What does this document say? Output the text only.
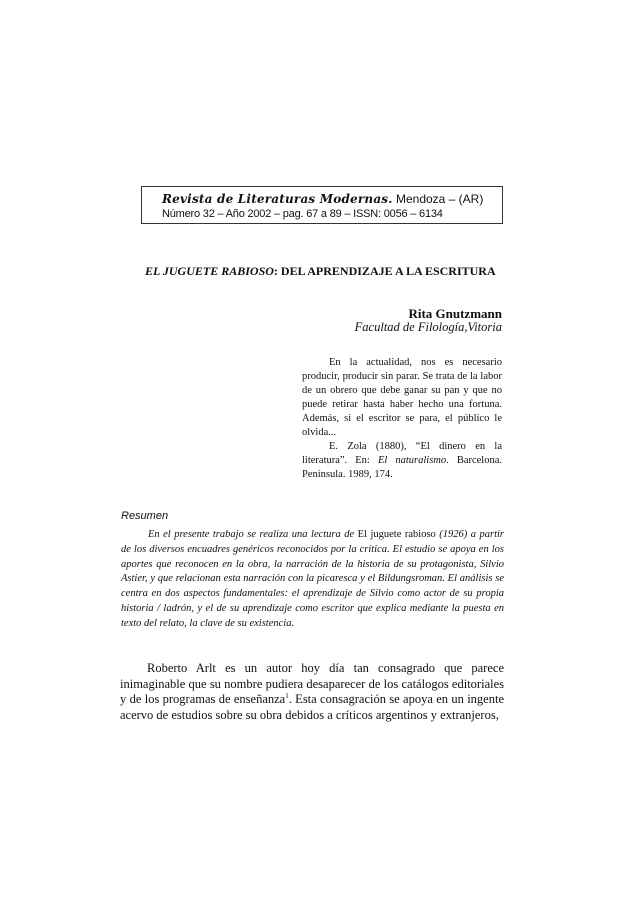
Revista de Literaturas Modernas. Mendoza – (AR)
Número 32 – Año 2002 – pag. 67 a 89 – ISSN: 0056 – 6134
EL JUGUETE RABIOSO: DEL APRENDIZAJE A LA ESCRITURA
Rita Gnutzmann
Facultad de Filología,Vitoria

En la actualidad, nos es necesario producir, producir sin parar. Se trata de la labor de un obrero que debe ganar su pan y que no puede retirar hasta haber hecho una fortuna. Además, si el escritor se para, el público le olvida...

E. Zola (1880), “El dinero en la literatura”. En: El naturalismo. Barcelona. Península. 1989, 174.

Resumen
En el presente trabajo se realiza una lectura de El juguete rabioso (1926) a partir de los diversos encuadres genéricos reconocidos por la crítica. El estudio se apoya en los aportes que reconocen en la obra, la narración de la historia de su protagonista, Silvio Astier, y que relacionan esta narración con la picaresca y el Bildungsroman. El análisis se centra en dos aspectos fundamentales: el aprendizaje de Silvio como actor de su propia historia / ladrón, y el de su aprendizaje como escritor que explica mediante la puesta en texto del relato, la clave de su existencia.
Roberto Arlt es un autor hoy día tan consagrado que parece inimaginable que su nombre pudiera desaparecer de los catálogos editoriales y de los programas de enseñanza$^1$. Esta consagración se apoya en un ingente acervo de estudios sobre su obra debidos a críticos argentinos y extranjeros,
